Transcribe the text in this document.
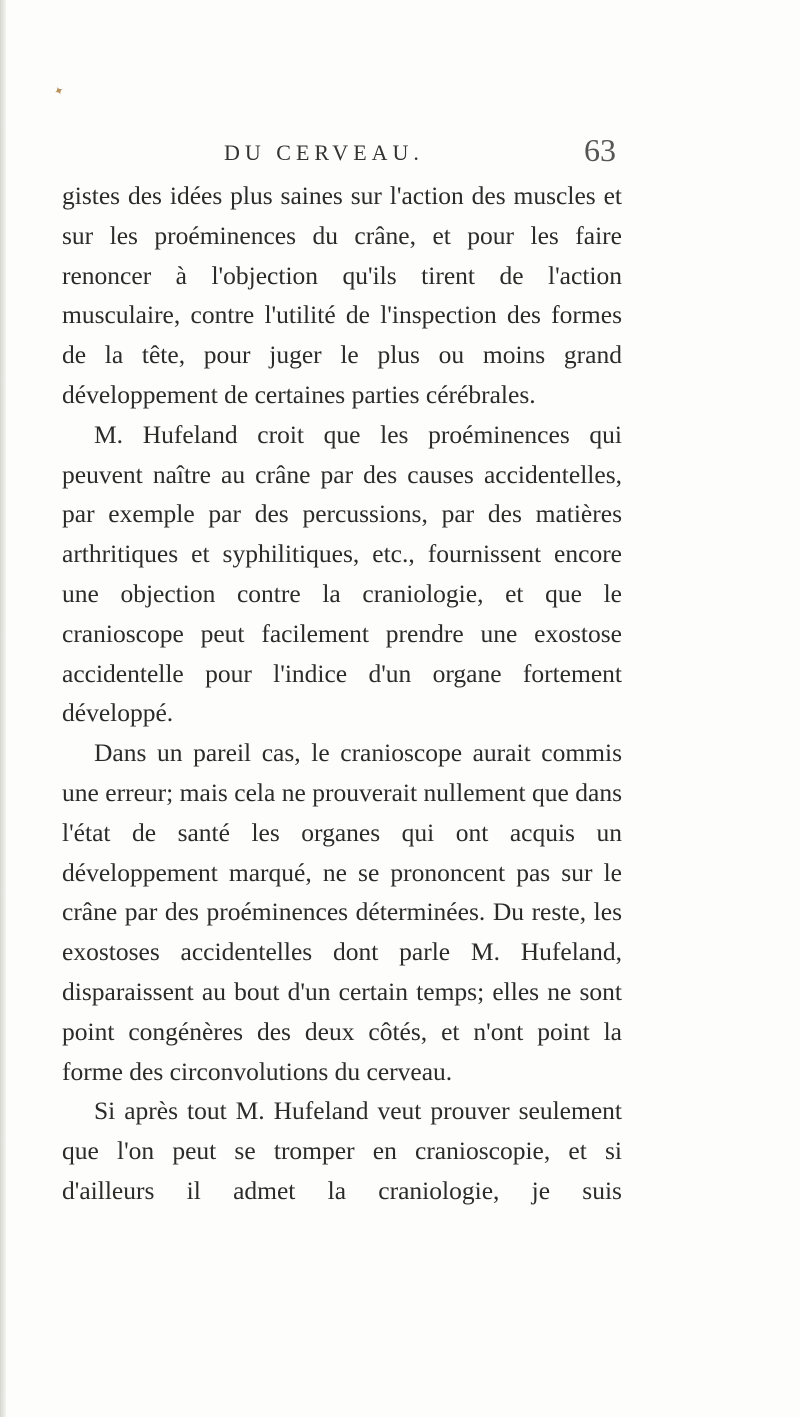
✦
DU CERVEAU.	63

gistes des idées plus saines sur l'action des muscles et sur les proéminences du crâne, et pour les faire renoncer à l'objection qu'ils tirent de l'action musculaire, contre l'utilité de l'inspection des formes de la tête, pour juger le plus ou moins grand développement de certaines parties cérébrales.

M. Hufeland croit que les proéminences qui peuvent naître au crâne par des causes accidentelles, par exemple par des percussions, par des matières arthritiques et syphilitiques, etc., fournissent encore une objection contre la craniologie, et que le cranioscope peut facilement prendre une exostose accidentelle pour l'indice d'un organe fortement développé.

Dans un pareil cas, le cranioscope aurait commis une erreur; mais cela ne prouverait nullement que dans l'état de santé les organes qui ont acquis un développement marqué, ne se prononcent pas sur le crâne par des proéminences déterminées. Du reste, les exostoses accidentelles dont parle M. Hufeland, disparaissent au bout d'un certain temps; elles ne sont point congénères des deux côtés, et n'ont point la forme des circonvolutions du cerveau.

Si après tout M. Hufeland veut prouver seulement que l'on peut se tromper en cranioscopie, et si d'ailleurs il admet la craniologie, je suis
